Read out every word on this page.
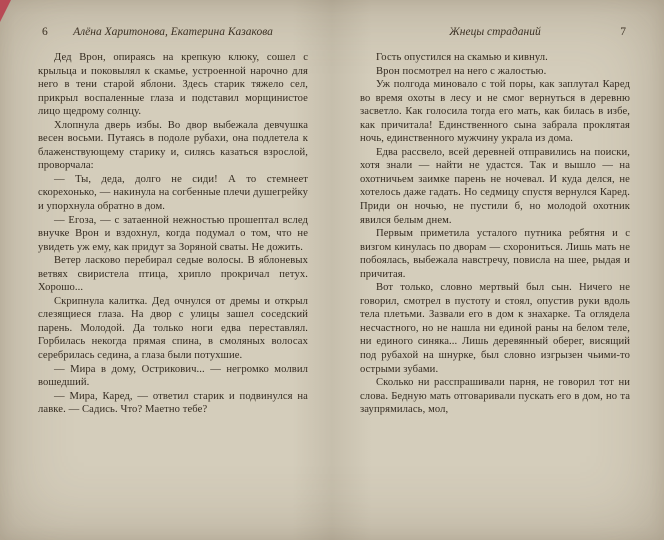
6 Алёна Харитонова, Екатерина Казакова

Дед Врон, опираясь на крепкую клюку, сошел с крыльца и поковылял к скамье, устроенной нарочно для него в тени старой яблони. Здесь старик тяжело сел, прикрыл воспаленные глаза и подставил морщинистое лицо щедрому солнцу.

Хлопнула дверь избы. Во двор выбежала девчушка весен восьми. Путаясь в подоле рубахи, она подлетела к блаженствующему старику и, силясь казаться взрослой, проворчала:

— Ты, деда, долго не сиди! А то стемнеет скорехонько, — накинула на согбенные плечи душегрейку и упорхнула обратно в дом.

— Егоза, — с затаенной нежностью прошептал вслед внучке Врон и вздохнул, когда подумал о том, что не увидеть уж ему, как придут за Зоряной сваты. Не дожить.

Ветер ласково перебирал седые волосы. В яблоневых ветвях свиристела птица, хрипло прокричал петух. Хорошо...

Скрипнула калитка. Дед очнулся от дремы и открыл слезящиеся глаза. На двор с улицы зашел соседский парень. Молодой. Да только ноги едва переставлял. Горбилась некогда прямая спина, в смоляных волосах серебрилась седина, а глаза были потухшие.

— Мира в дому, Острикович... — негромко молвил вошедший.

— Мира, Каред, — ответил старик и подвинулся на лавке. — Садись. Что? Маетно тебе?

Жнецы страданий	7

Гость опустился на скамью и кивнул.

Врон посмотрел на него с жалостью.

Уж полгода миновало с той поры, как заплутал Каред во время охоты в лесу и не смог вернуться в деревню засветло. Как голосила тогда его мать, как билась в избе, как причитала! Единственного сына забрала проклятая ночь, единственного мужчину украла из дома.

Едва рассвело, всей деревней отправились на поиски, хотя знали — найти не удастся. Так и вышло — на охотничьем заимке парень не ночевал. И куда делся, не хотелось даже гадать. Но седмицу спустя вернулся Каред. Приди он ночью, не пустили б, но молодой охотник явился белым днем.

Первым приметила усталого путника ребятня и с визгом кинулась по дворам — схорониться. Лишь мать не побоялась, выбежала навстречу, повисла на шее, рыдая и причитая.

Вот только, словно мертвый был сын. Ничего не говорил, смотрел в пустоту и стоял, опустив руки вдоль тела плетьми. Зазвали его в дом к знахарке. Та оглядела несчастного, но не нашла ни единой раны на белом теле, ни единого синяка... Лишь деревянный оберег, висящий под рубахой на шнурке, был словно изгрызен чьими-то острыми зубами.

Сколько ни расспрашивали парня, не говорил тот ни слова. Бедную мать отговаривали пускать его в дом, но та заупрямилась, мол,
